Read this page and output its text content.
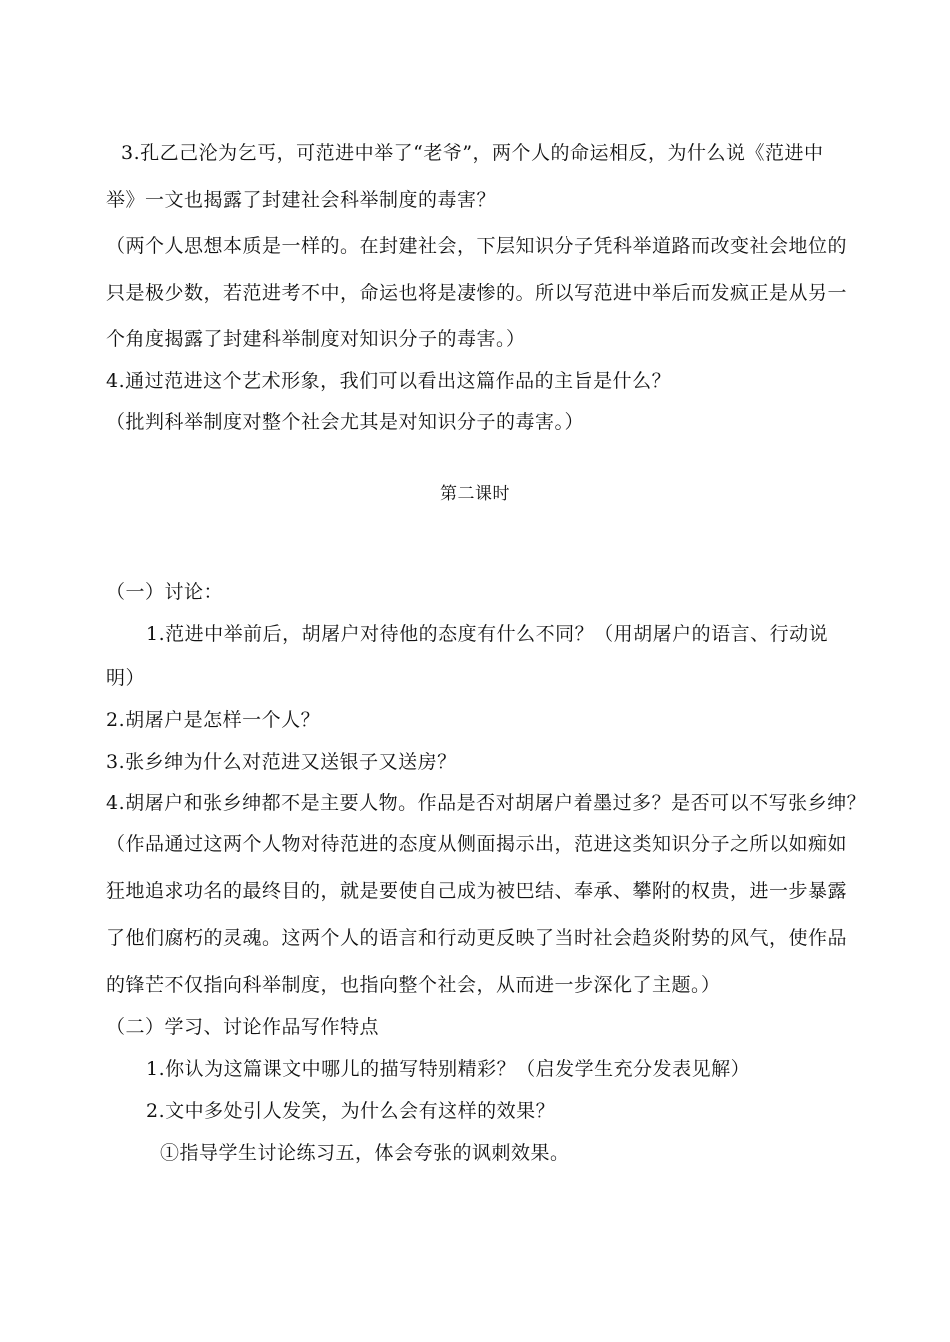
3.孔乙己沦为乞丐，可范进中举了“老爷”，两个人的命运相反，为什么说《范进中
举》一文也揭露了封建社会科举制度的毒害？
（两个人思想本质是一样的。在封建社会，下层知识分子凭科举道路而改变社会地位的
只是极少数，若范进考不中，命运也将是凄惨的。所以写范进中举后而发疯正是从另一
个角度揭露了封建科举制度对知识分子的毒害。）
4.通过范进这个艺术形象，我们可以看出这篇作品的主旨是什么？
（批判科举制度对整个社会尤其是对知识分子的毒害。）
第二课时
（一）讨论：
1.范进中举前后，胡屠户对待他的态度有什么不同？（用胡屠户的语言、行动说
明）
2.胡屠户是怎样一个人？
3.张乡绅为什么对范进又送银子又送房？
4.胡屠户和张乡绅都不是主要人物。作品是否对胡屠户着墨过多？是否可以不写张乡绅？
（作品通过这两个人物对待范进的态度从侧面揭示出，范进这类知识分子之所以如痴如
狂地追求功名的最终目的，就是要使自己成为被巴结、奉承、攀附的权贵，进一步暴露
了他们腐朽的灵魂。这两个人的语言和行动更反映了当时社会趋炎附势的风气，使作品
的锋芒不仅指向科举制度，也指向整个社会，从而进一步深化了主题。）
（二）学习、讨论作品写作特点
1.你认为这篇课文中哪儿的描写特别精彩？（启发学生充分发表见解）
2.文中多处引人发笑，为什么会有这样的效果？
①指导学生讨论练习五，体会夸张的讽刺效果。
